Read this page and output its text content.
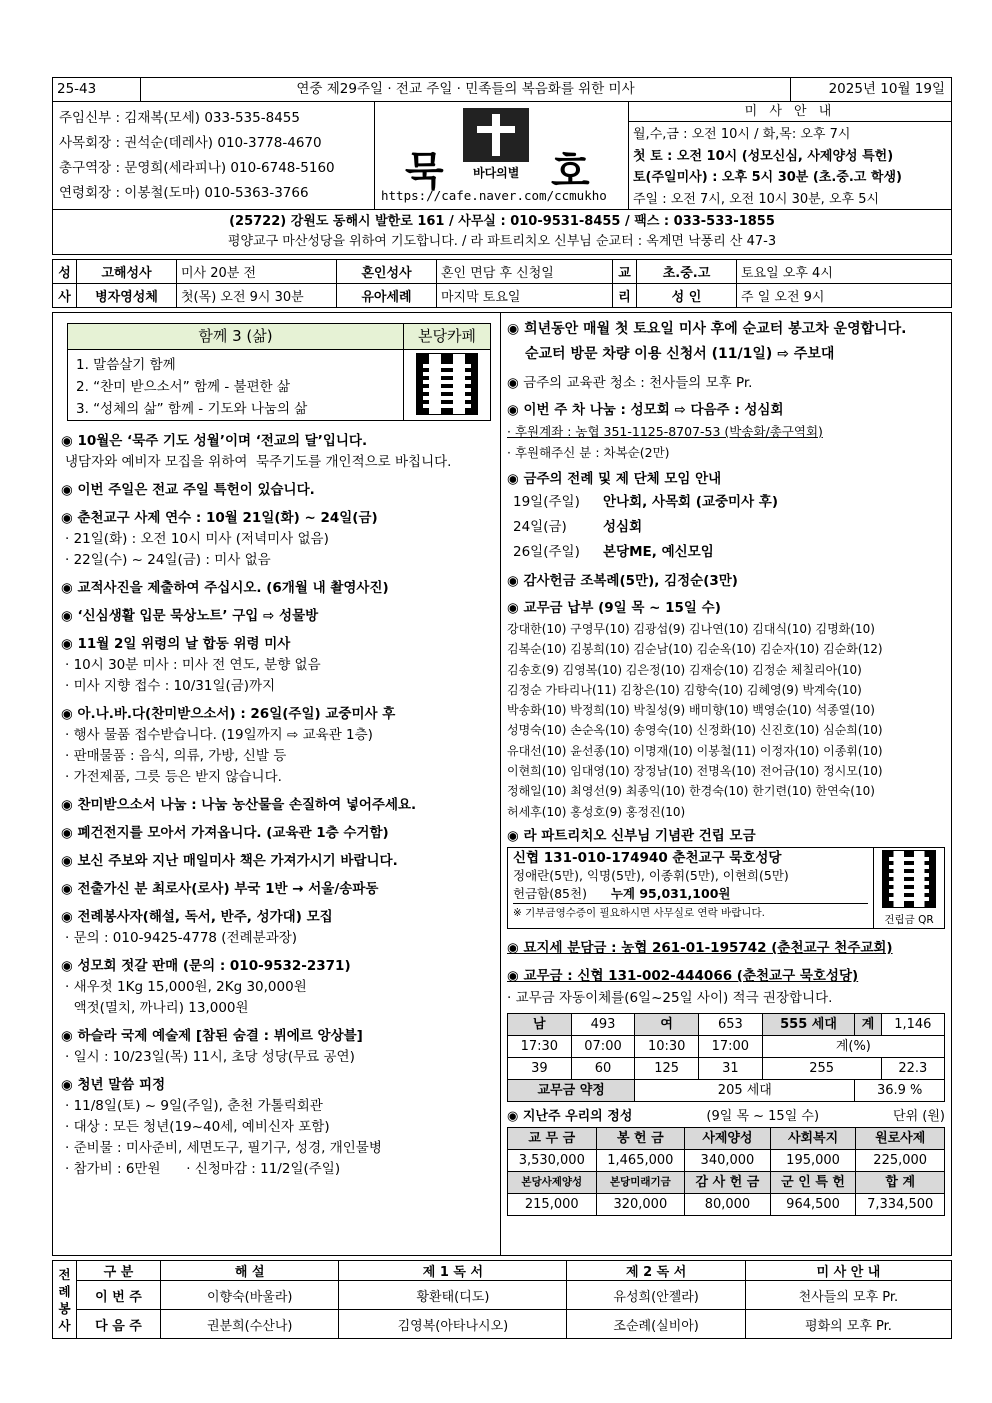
25-43	연중 제29주일 · 전교 주일 · 민족들의 복음화를 위한 미사	2025년 10월 19일
주임신부 : 김재복(모세) 033-535-8455
사목회장 : 권석순(데레사) 010-3778-4670
총구역장 : 문영희(세라피나) 010-6748-5160
연령회장 : 이봉철(도마) 010-5363-3766	묵 바다의별 호
https://cafe.naver.com/ccmukho
미 사 안 내
월,수,금 : 오전 10시 / 화,목: 오후 7시
첫 토 : 오전 10시 (성모신심, 사제양성 특헌)
토(주일미사) : 오후 5시 30분 (초.중.고 학생)
주일 : 오전 7시, 오전 10시 30분, 오후 5시
(25722) 강원도 동해시 발한로 161 / 사무실 : 010-9531-8455 / 팩스 : 033-533-1855
평양교구 마산성당을 위하여 기도합니다. / 라 파트리치오 신부님 순교터 : 옥계면 낙풍리 산 47-3
성	고해성사	미사 20분 전	혼인성사	혼인 면담 후 신청일	교	초.중.고	토요일 오후 4시
사	병자영성체	첫(목) 오전 9시 30분	유아세례	마지막 토요일	리	성 인	주 일 오전 9시
함께 3 (삶)
1. 말씀살기 함께
2. “찬미 받으소서” 함께 - 불편한 삶
3. “성체의 삶” 함께 - 기도와 나눔의 삶
본당카페
◉ 10월은 ‘묵주 기도 성월’이며 ‘전교의 달’입니다.
냉담자와 예비자 모집을 위하여  묵주기도를 개인적으로 바칩니다.
◉ 이번 주일은 전교 주일 특헌이 있습니다.
◉ 춘천교구 사제 연수 : 10월 21일(화) ~ 24일(금)
· 21일(화) : 오전 10시 미사 (저녁미사 없음)
· 22일(수) ~ 24일(금) : 미사 없음
◉ 교적사진을 제출하여 주십시오. (6개월 내 촬영사진)
◉ ‘신심생활 입문 묵상노트’ 구입 ⇨ 성물방
◉ 11월 2일 위령의 날 합동 위령 미사
· 10시 30분 미사 : 미사 전 연도, 분향 없음
· 미사 지향 접수 : 10/31일(금)까지
◉ 아.나.바.다(찬미받으소서) : 26일(주일) 교중미사 후
· 행사 물품 접수받습니다. (19일까지 ⇨ 교육관 1층)
· 판매물품 : 음식, 의류, 가방, 신발 등
· 가전제품, 그릇 등은 받지 않습니다.
◉ 찬미받으소서 나눔 : 나눔 농산물을 손질하여 넣어주세요.
◉ 폐건전지를 모아서 가져옵니다. (교육관 1층 수거함)
◉ 보신 주보와 지난 매일미사 책은 가져가시기 바랍니다.
◉ 전출가신 분 최로사(로사) 부국 1반 → 서울/송파동
◉ 전례봉사자(해설, 독서, 반주, 성가대) 모집
· 문의 : 010-9425-4778 (전례분과장)
◉ 성모회 젓갈 판매 (문의 : 010-9532-2371)
· 새우젓 1Kg 15,000원, 2Kg 30,000원
액젓(멸치, 까나리) 13,000원
◉ 하슬라 국제 예술제 [참된 숨결 : 뷔에르 앙상블]
· 일시 : 10/23일(목) 11시, 초당 성당(무료 공연)
◉ 청년 말씀 피정
· 11/8일(토) ~ 9일(주일), 춘천 가톨릭회관
· 대상 : 모든 청년(19~40세, 예비신자 포함)
· 준비물 : 미사준비, 세면도구, 필기구, 성경, 개인물병
· 참가비 : 6만원      · 신청마감 : 11/2일(주일)
◉ 희년동안 매월 첫 토요일 미사 후에 순교터 봉고차 운영합니다.
순교터 방문 차량 이용 신청서 (11/1일) ⇨ 주보대
◉ 금주의 교육관 청소 : 천사들의 모후 Pr.
◉ 이번 주 차 나눔 : 성모회 ⇨ 다음주 : 성심회
· 후원계좌 : 농협 351-1125-8707-53 (박송화/총구역회)
· 후원해주신 분 : 차복순(2만)
◉ 금주의 전례 및 제 단체 모임 안내
19일(주일) 안나회, 사목회 (교중미사 후)
24일(금)	성심회
26일(주일) 본당ME, 예신모임
◉ 감사헌금 조복례(5만), 김정순(3만)
◉ 교무금 납부 (9일 목 ~ 15일 수)
강대한(10) 구영무(10) 김광섭(9) 김나연(10) 김대식(10) 김명화(10)
김복순(10) 김봉희(10) 김순남(10) 김순옥(10) 김순자(10) 김순화(12)
김송호(9) 김영복(10) 김은정(10) 김재승(10) 김정순 체칠리아(10)
김정순 가타리나(11) 김창은(10) 김향숙(10) 김혜영(9) 박계숙(10)
박송화(10) 박정희(10) 박칠성(9) 배미향(10) 백영순(10) 석종열(10)
성명숙(10) 손순옥(10) 송영숙(10) 신정화(10) 신진호(10) 심순희(10)
유대선(10) 윤선종(10) 이명재(10) 이봉철(11) 이정자(10) 이종휘(10)
이현희(10) 임대영(10) 장정남(10) 전명옥(10) 전어금(10) 정시모(10)
정해일(10) 최영선(9) 최종익(10) 한경숙(10) 한기련(10) 한연숙(10)
허세후(10) 홍성호(9) 홍정진(10)
◉ 라 파트리치오 신부님 기념관 건립 모금
신협 131-010-174940 춘천교구 묵호성당
정애란(5만), 익명(5만), 이종휘(5만), 이현희(5만)
헌금함(85천) 누계 95,031,100원
※ 기부금영수증이 필요하시면 사무실로 연락 바랍니다.
건립금 QR
◉ 묘지세 분담금 : 농협 261-01-195742 (춘천교구 천주교회)
◉ 교무금 : 신협 131-002-444066 (춘천교구 묵호성당)
· 교무금 자동이체를(6일~25일 사이) 적극 권장합니다.
남	493	여	653	555 세대	계	1,146
17:30	07:00	10:30	17:00	계(%)		
39	60	125	31	255		22.3
교무금 약정		205 세대			36.9 %	
◉ 지난주 우리의 정성	(9일 목 ~ 15일 수)	단위 (원)
교 무 금	봉 헌 금	사제양성	사회복지	원로사제
3,530,000	1,465,000	340,000	195,000	225,000
본당사제양성	본당미래기금	감 사 헌 금	군 인 특 헌	합 계
215,000	320,000	80,000	964,500	7,334,500
전례봉사	구 분	해 설	제 1 독 서	제 2 독 서	미 사 안 내
	이 번 주	이향숙(바울라)	황환태(디도)	유성희(안젤라)	천사들의 모후 Pr.
	다 음 주	권분희(수산나)	김영복(아타나시오)	조순례(실비아)	평화의 모후 Pr.
